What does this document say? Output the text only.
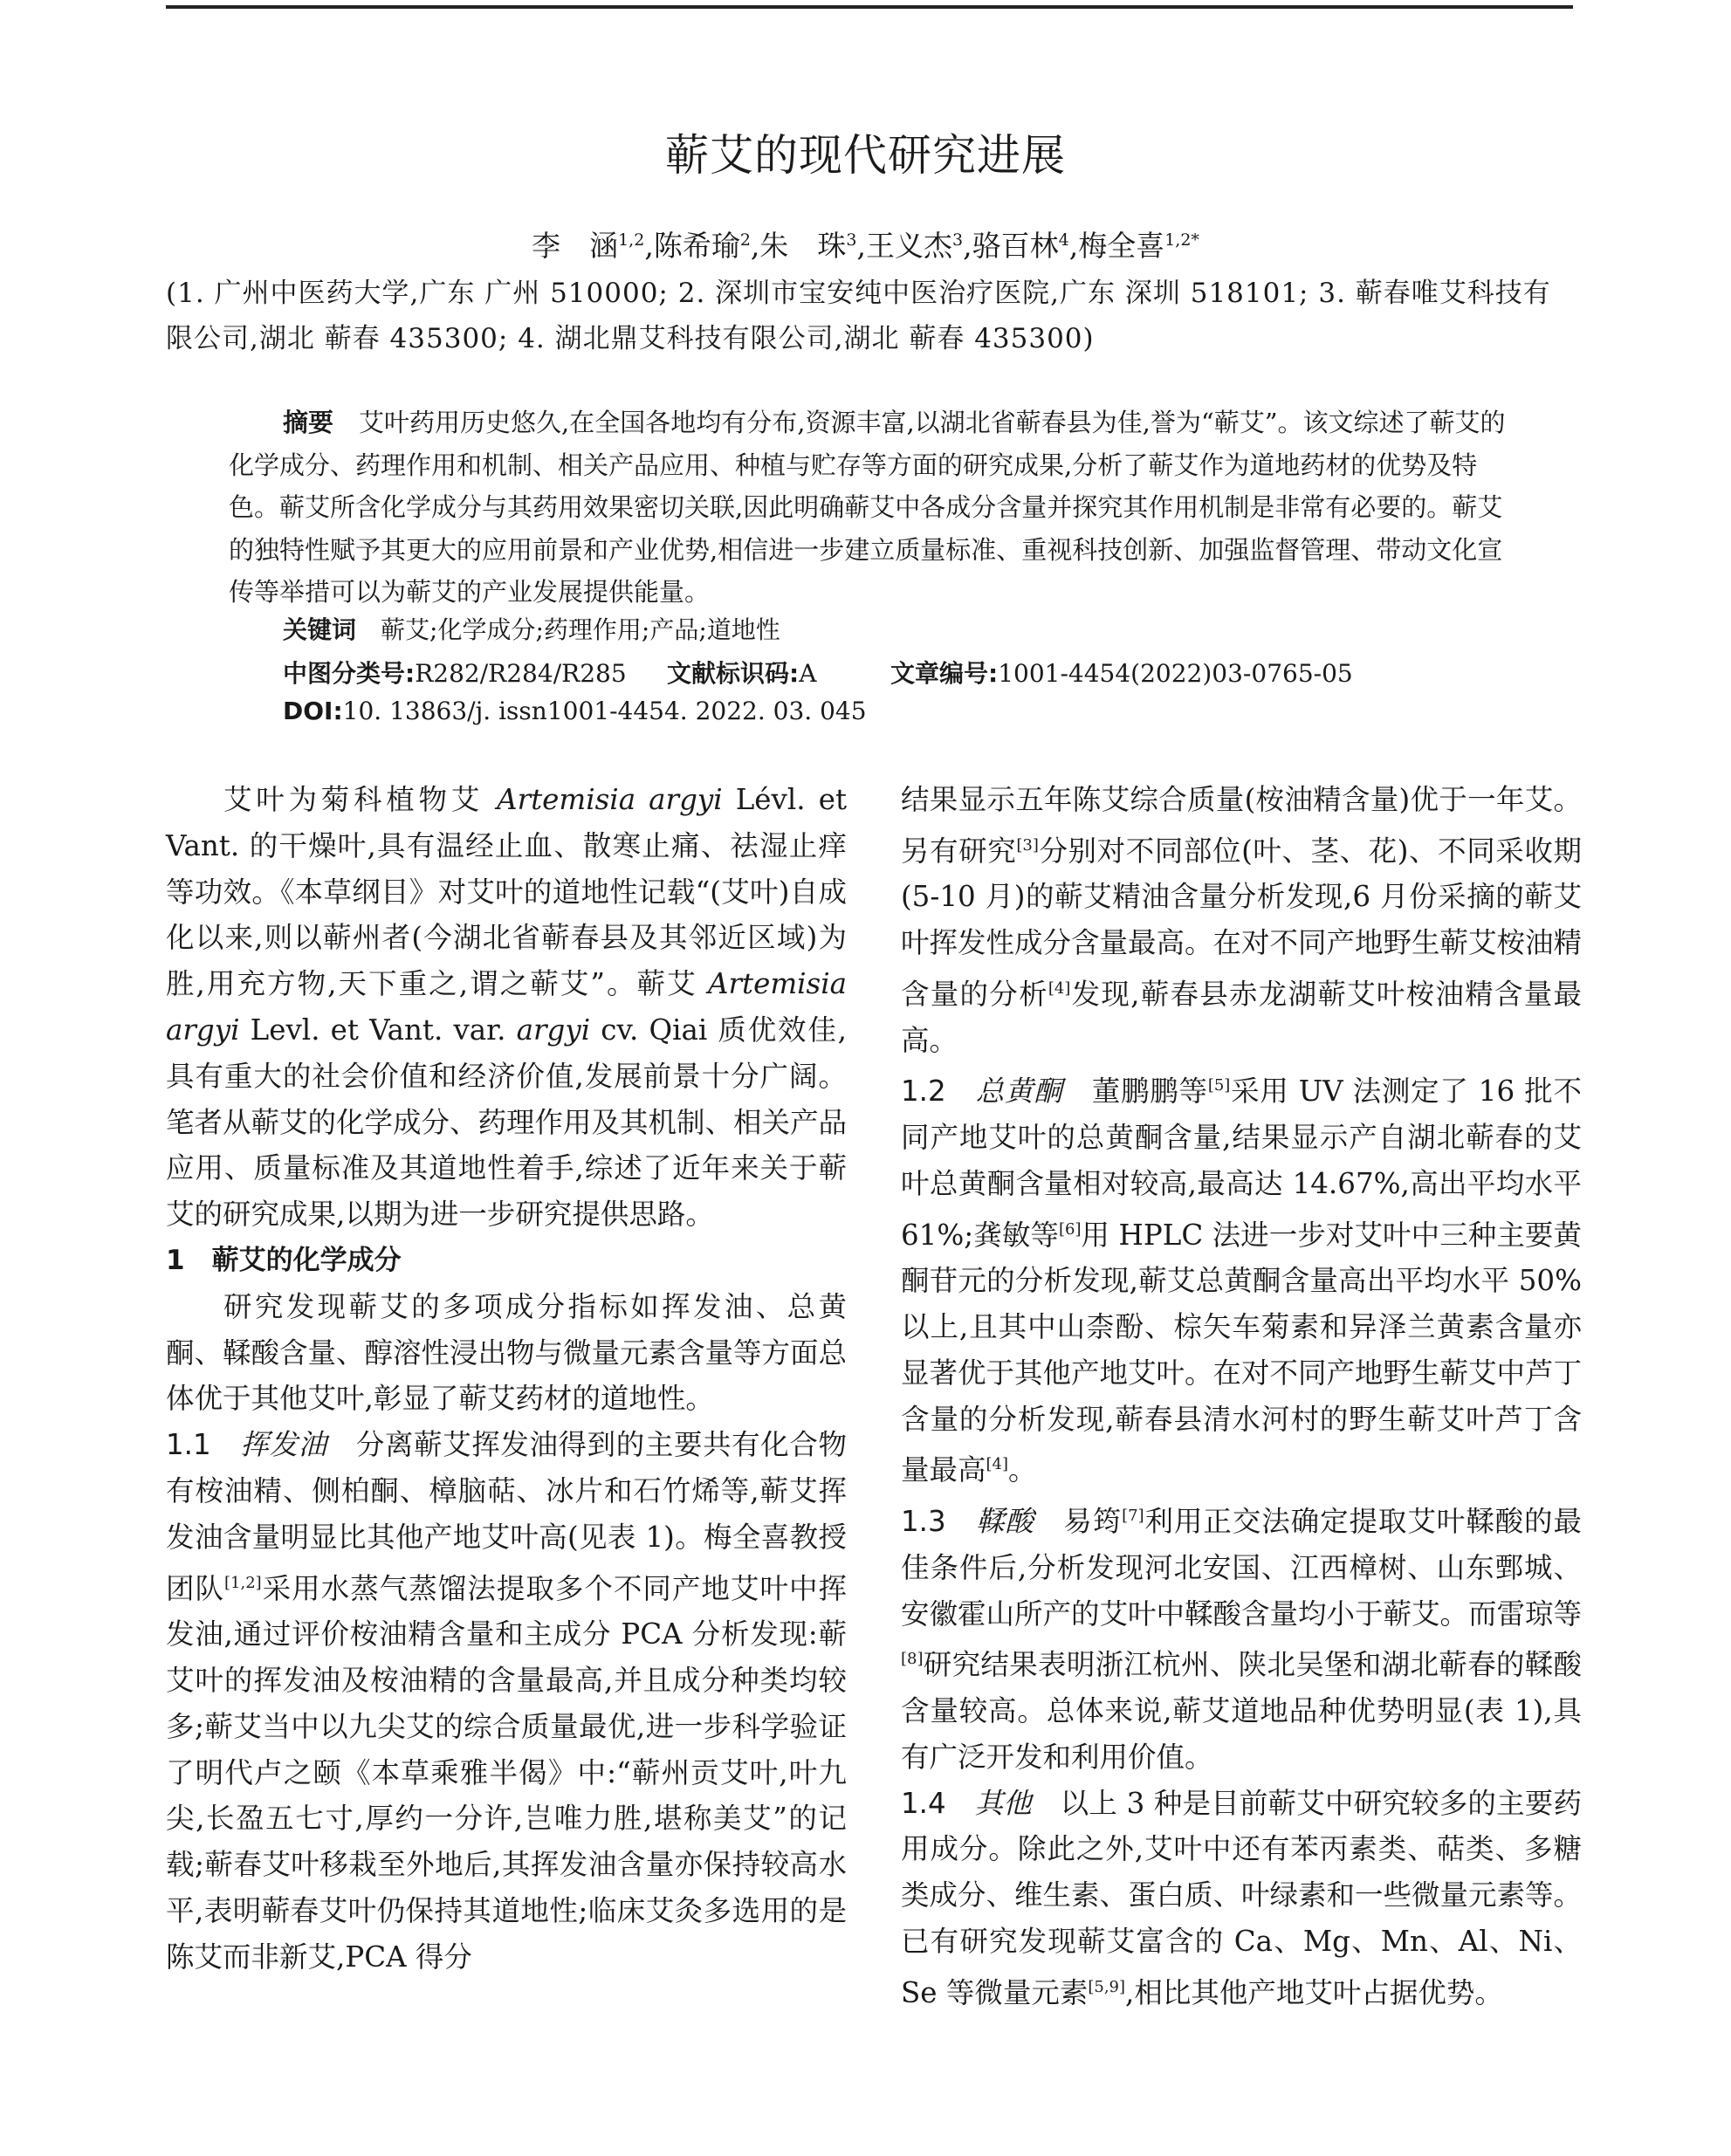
蕲艾的现代研究进展
李　涵$^{1,2}$,陈希瑜$^2$,朱　珠$^3$,王义杰$^3$,骆百林$^4$,梅全喜$^{1,2*}$
(1. 广州中医药大学,广东 广州 510000; 2. 深圳市宝安纯中医治疗医院,广东 深圳 518101; 3. 蕲春唯艾科技有限公司,湖北 蕲春 435300; 4. 湖北鼎艾科技有限公司,湖北 蕲春 435300)

摘要　 艾叶药用历史悠久,在全国各地均有分布,资源丰富,以湖北省蕲春县为佳,誉为“蕲艾”。该文综述了蕲艾的化学成分、药理作用和机制、相关产品应用、种植与贮存等方面的研究成果,分析了蕲艾作为道地药材的优势及特色。蕲艾所含化学成分与其药用效果密切关联,因此明确蕲艾中各成分含量并探究其作用机制是非常有必要的。蕲艾的独特性赋予其更大的应用前景和产业优势,相信进一步建立质量标准、重视科技创新、加强监督管理、带动文化宣传等举措可以为蕲艾的产业发展提供能量。

关键词　 蕲艾;化学成分;药理作用;产品;道地性
中图分类号:R282/R284/R285 文献标识码:A	文章编号:1001-4454(2022)03-0765-05
DOI:10. 13863/j. issn1001-4454. 2022. 03. 045

艾叶为菊科植物艾 Artemisia argyi Lévl. et Vant. 的干燥叶,具有温经止血、散寒止痛、祛湿止痒等功效。《本草纲目》对艾叶的道地性记载“(艾叶)自成化以来,则以蕲州者(今湖北省蕲春县及其邻近区域)为胜,用充方物,天下重之,谓之蕲艾”。蕲艾 Artemisia argyi Levl. et Vant. var. argyi cv. Qiai 质优效佳,具有重大的社会价值和经济价值,发展前景十分广阔。笔者从蕲艾的化学成分、药理作用及其机制、相关产品应用、质量标准及其道地性着手,综述了近年来关于蕲艾的研究成果,以期为进一步研究提供思路。

1　蕲艾的化学成分

研究发现蕲艾的多项成分指标如挥发油、总黄酮、鞣酸含量、醇溶性浸出物与微量元素含量等方面总体优于其他艾叶,彰显了蕲艾药材的道地性。

1.1　挥发油　分离蕲艾挥发油得到的主要共有化合物有桉油精、侧柏酮、樟脑萜、冰片和石竹烯等,蕲艾挥发油含量明显比其他产地艾叶高(见表 1)。梅全喜教授团队[1,2]采用水蒸气蒸馏法提取多个不同产地艾叶中挥发油,通过评价桉油精含量和主成分 PCA 分析发现:蕲艾叶的挥发油及桉油精的含量最高,并且成分种类均较多;蕲艾当中以九尖艾的综合质量最优,进一步科学验证了明代卢之颐《本草乘雅半偈》中:“蕲州贡艾叶,叶九尖,长盈五七寸,厚约一分许,岂唯力胜,堪称美艾”的记载;蕲春艾叶移栽至外地后,其挥发油含量亦保持较高水平,表明蕲春艾叶仍保持其道地性;临床艾灸多选用的是陈艾而非新艾,PCA 得分

结果显示五年陈艾综合质量(桉油精含量)优于一年艾。另有研究[3]分别对不同部位(叶、茎、花)、不同采收期(5-10 月)的蕲艾精油含量分析发现,6 月份采摘的蕲艾叶挥发性成分含量最高。在对不同产地野生蕲艾桉油精含量的分析[4]发现,蕲春县赤龙湖蕲艾叶桉油精含量最高。

1.2　总黄酮　董鹏鹏等[5]采用 UV 法测定了 16 批不同产地艾叶的总黄酮含量,结果显示产自湖北蕲春的艾叶总黄酮含量相对较高,最高达 14.67%,高出平均水平 61%;龚敏等[6]用 HPLC 法进一步对艾叶中三种主要黄酮苷元的分析发现,蕲艾总黄酮含量高出平均水平 50%以上,且其中山柰酚、棕矢车菊素和异泽兰黄素含量亦显著优于其他产地艾叶。在对不同产地野生蕲艾中芦丁含量的分析发现,蕲春县清水河村的野生蕲艾叶芦丁含量最高[4]。

1.3　鞣酸　易筠[7]利用正交法确定提取艾叶鞣酸的最佳条件后,分析发现河北安国、江西樟树、山东鄄城、安徽霍山所产的艾叶中鞣酸含量均小于蕲艾。而雷琼等[8]研究结果表明浙江杭州、陕北吴堡和湖北蕲春的鞣酸含量较高。总体来说,蕲艾道地品种优势明显(表 1),具有广泛开发和利用价值。

1.4　其他　以上 3 种是目前蕲艾中研究较多的主要药用成分。除此之外,艾叶中还有苯丙素类、萜类、多糖类成分、维生素、蛋白质、叶绿素和一些微量元素等。已有研究发现蕲艾富含的 Ca、Mg、Mn、Al、Ni、Se 等微量元素[5,9],相比其他产地艾叶占据优势。
